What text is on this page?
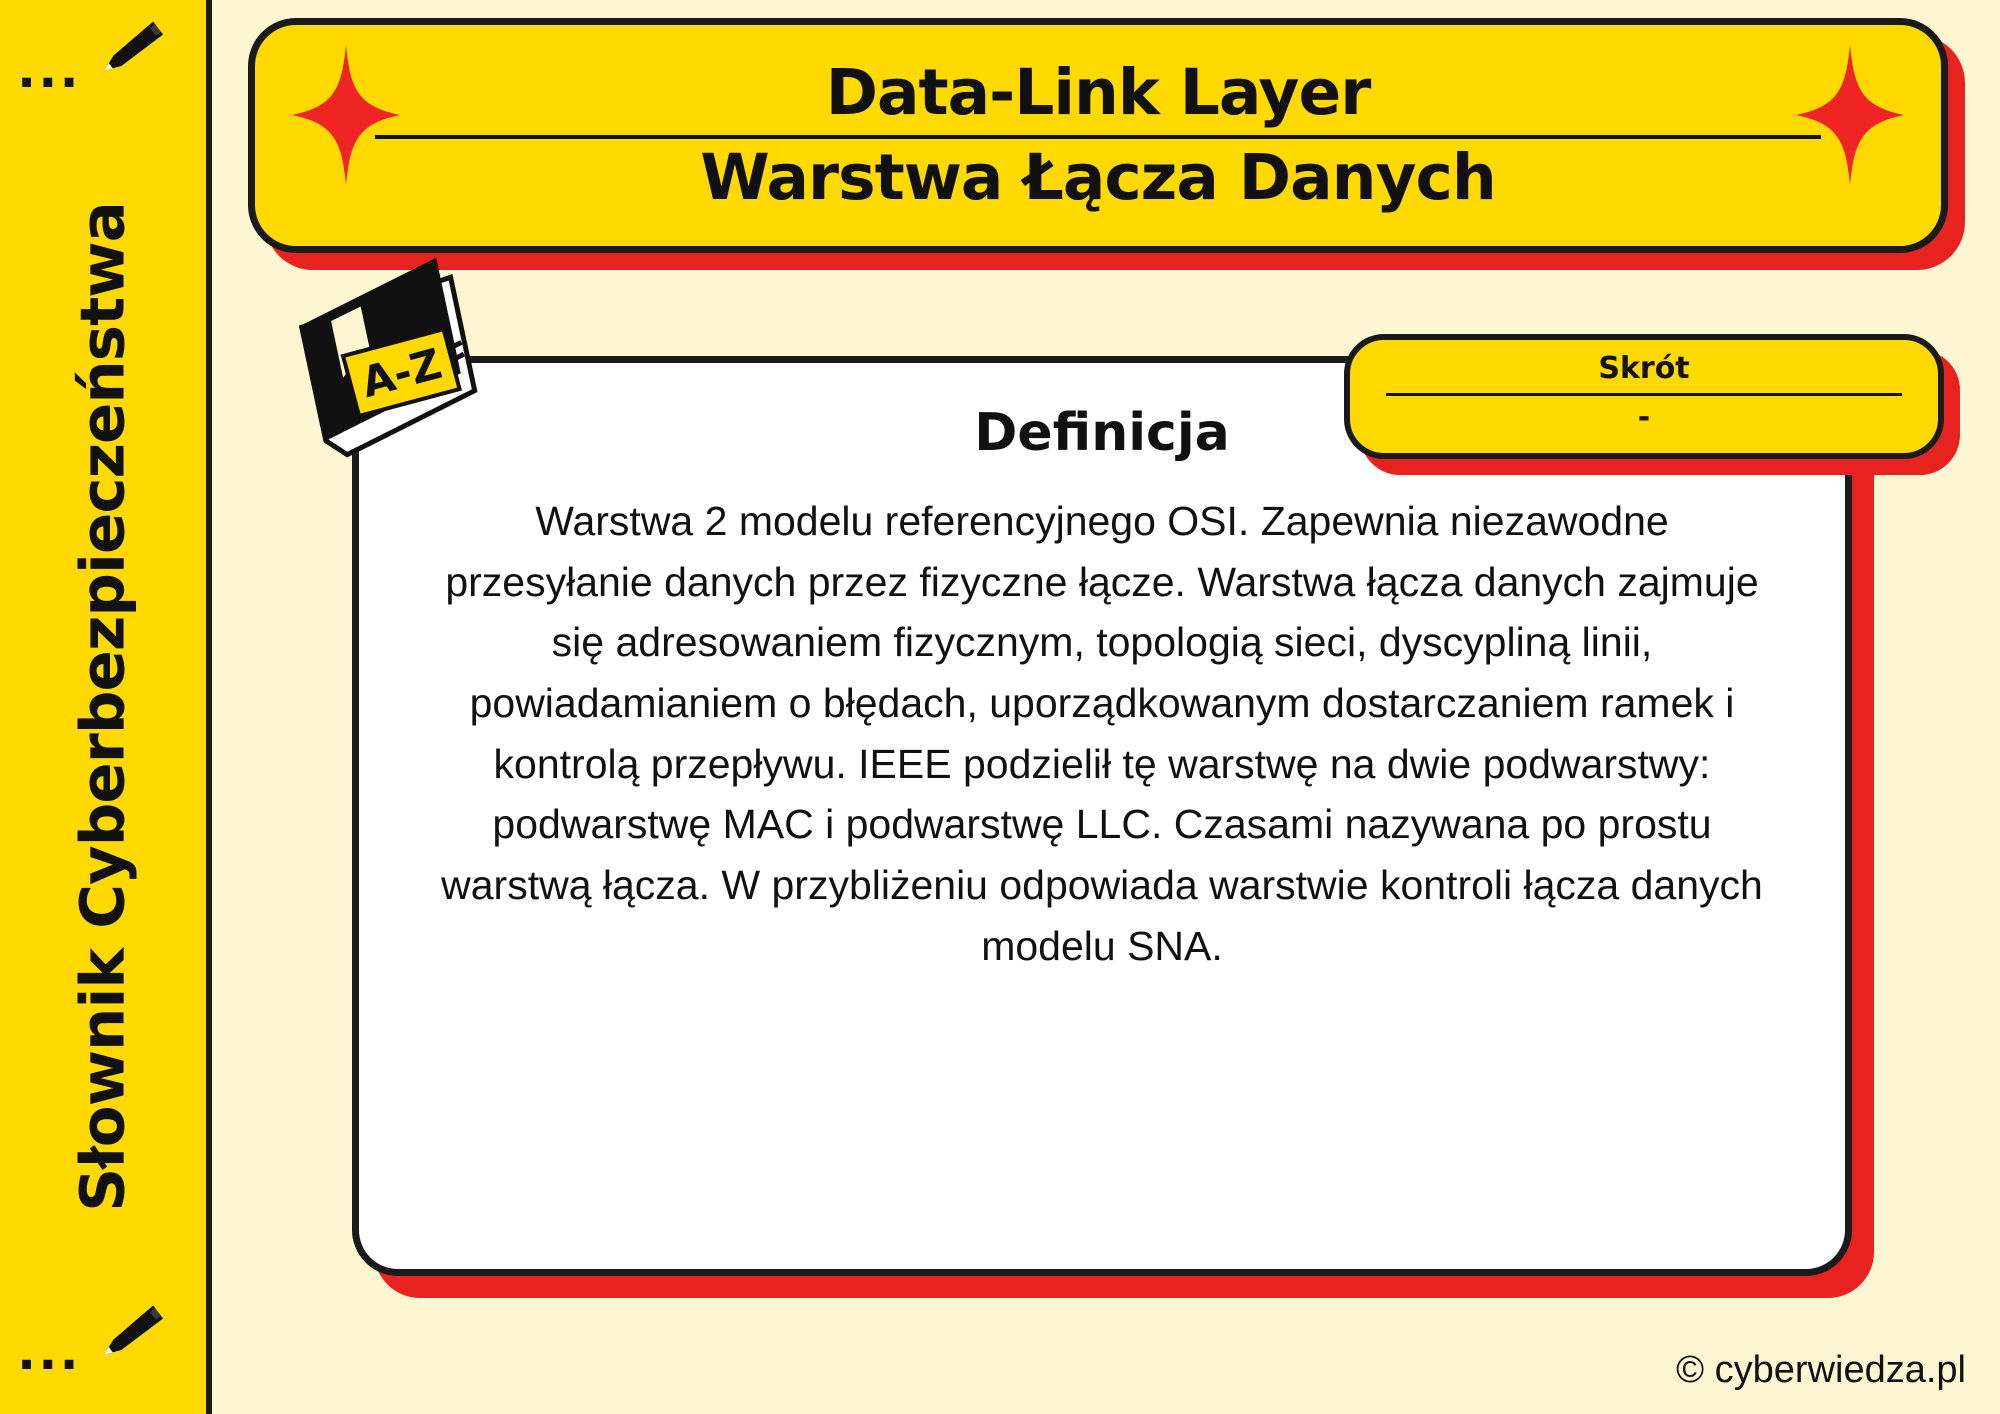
...
Słownik Cyberbezpieczeństwa
...
Data-Link Layer
Warstwa Łącza Danych
Definicja
Warstwa 2 modelu referencyjnego OSI. Zapewnia niezawodne przesyłanie danych przez fizyczne łącze. Warstwa łącza danych zajmuje się adresowaniem fizycznym, topologią sieci, dyscypliną linii, powiadamianiem o błędach, uporządkowanym dostarczaniem ramek i kontrolą przepływu. IEEE podzielił tę warstwę na dwie podwarstwy: podwarstwę MAC i podwarstwę LLC. Czasami nazywana po prostu warstwą łącza. W przybliżeniu odpowiada warstwie kontroli łącza danych modelu SNA.
Skrót
-
A-Z
© cyberwiedza.pl
